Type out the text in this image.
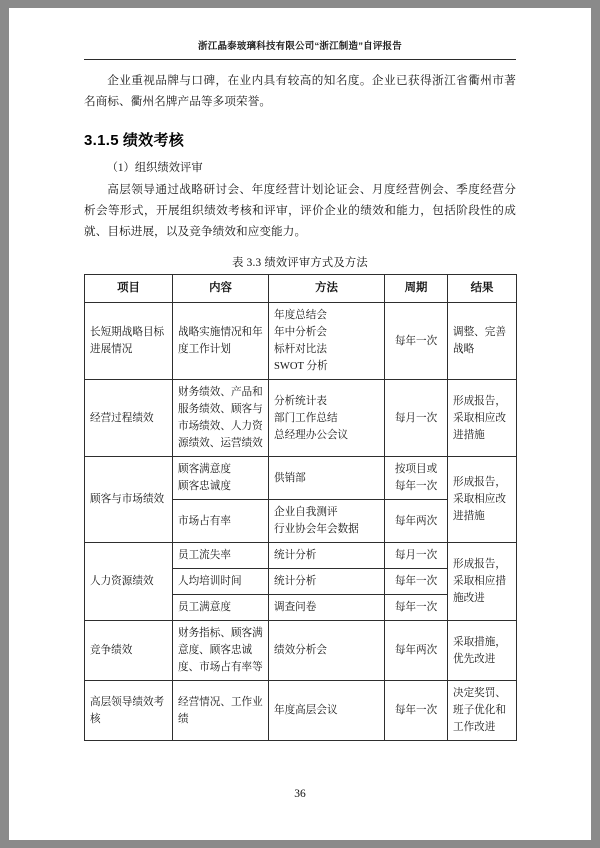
浙江晶泰玻璃科技有限公司“浙江制造”自评报告

企业重视品牌与口碑，在业内具有较高的知名度。企业已获得浙江省衢州市著名商标、衢州名牌产品等多项荣誉。

3.1.5 绩效考核

（1）组织绩效评审

高层领导通过战略研讨会、年度经营计划论证会、月度经营例会、季度经营分析会等形式，开展组织绩效考核和评审，评价企业的绩效和能力，包括阶段性的成就、目标进展，以及竞争绩效和应变能力。

表 3.3 绩效评审方式及方法
项目	内容	方法	周期	结果
长短期战略目标进展情况	战略实施情况和年度工作计划	年度总结会
年中分析会
标杆对比法
SWOT 分析	每年一次	调整、完善战略
经营过程绩效	财务绩效、产品和服务绩效、顾客与市场绩效、人力资源绩效、运营绩效	分析统计表
部门工作总结
总经理办公会议	每月一次	形成报告，采取相应改进措施
顾客与市场绩效	顾客满意度
顾客忠诚度	供销部	按项目或每年一次	形成报告，采取相应改进措施

	市场占有率	企业自我测评
行业协会年会数据	每年两次	
人力资源绩效	员工流失率	统计分析	每月一次	形成报告，采取相应措施改进
	人均培训时间	统计分析	每年一次	
	员工满意度	调查问卷	每年一次	
竞争绩效	财务指标、顾客满意度、顾客忠诚度、市场占有率等	绩效分析会	每年两次	采取措施，优先改进
高层领导绩效考核	经营情况、工作业绩	年度高层会议	每年一次	决定奖罚、班子优化和工作改进
36
